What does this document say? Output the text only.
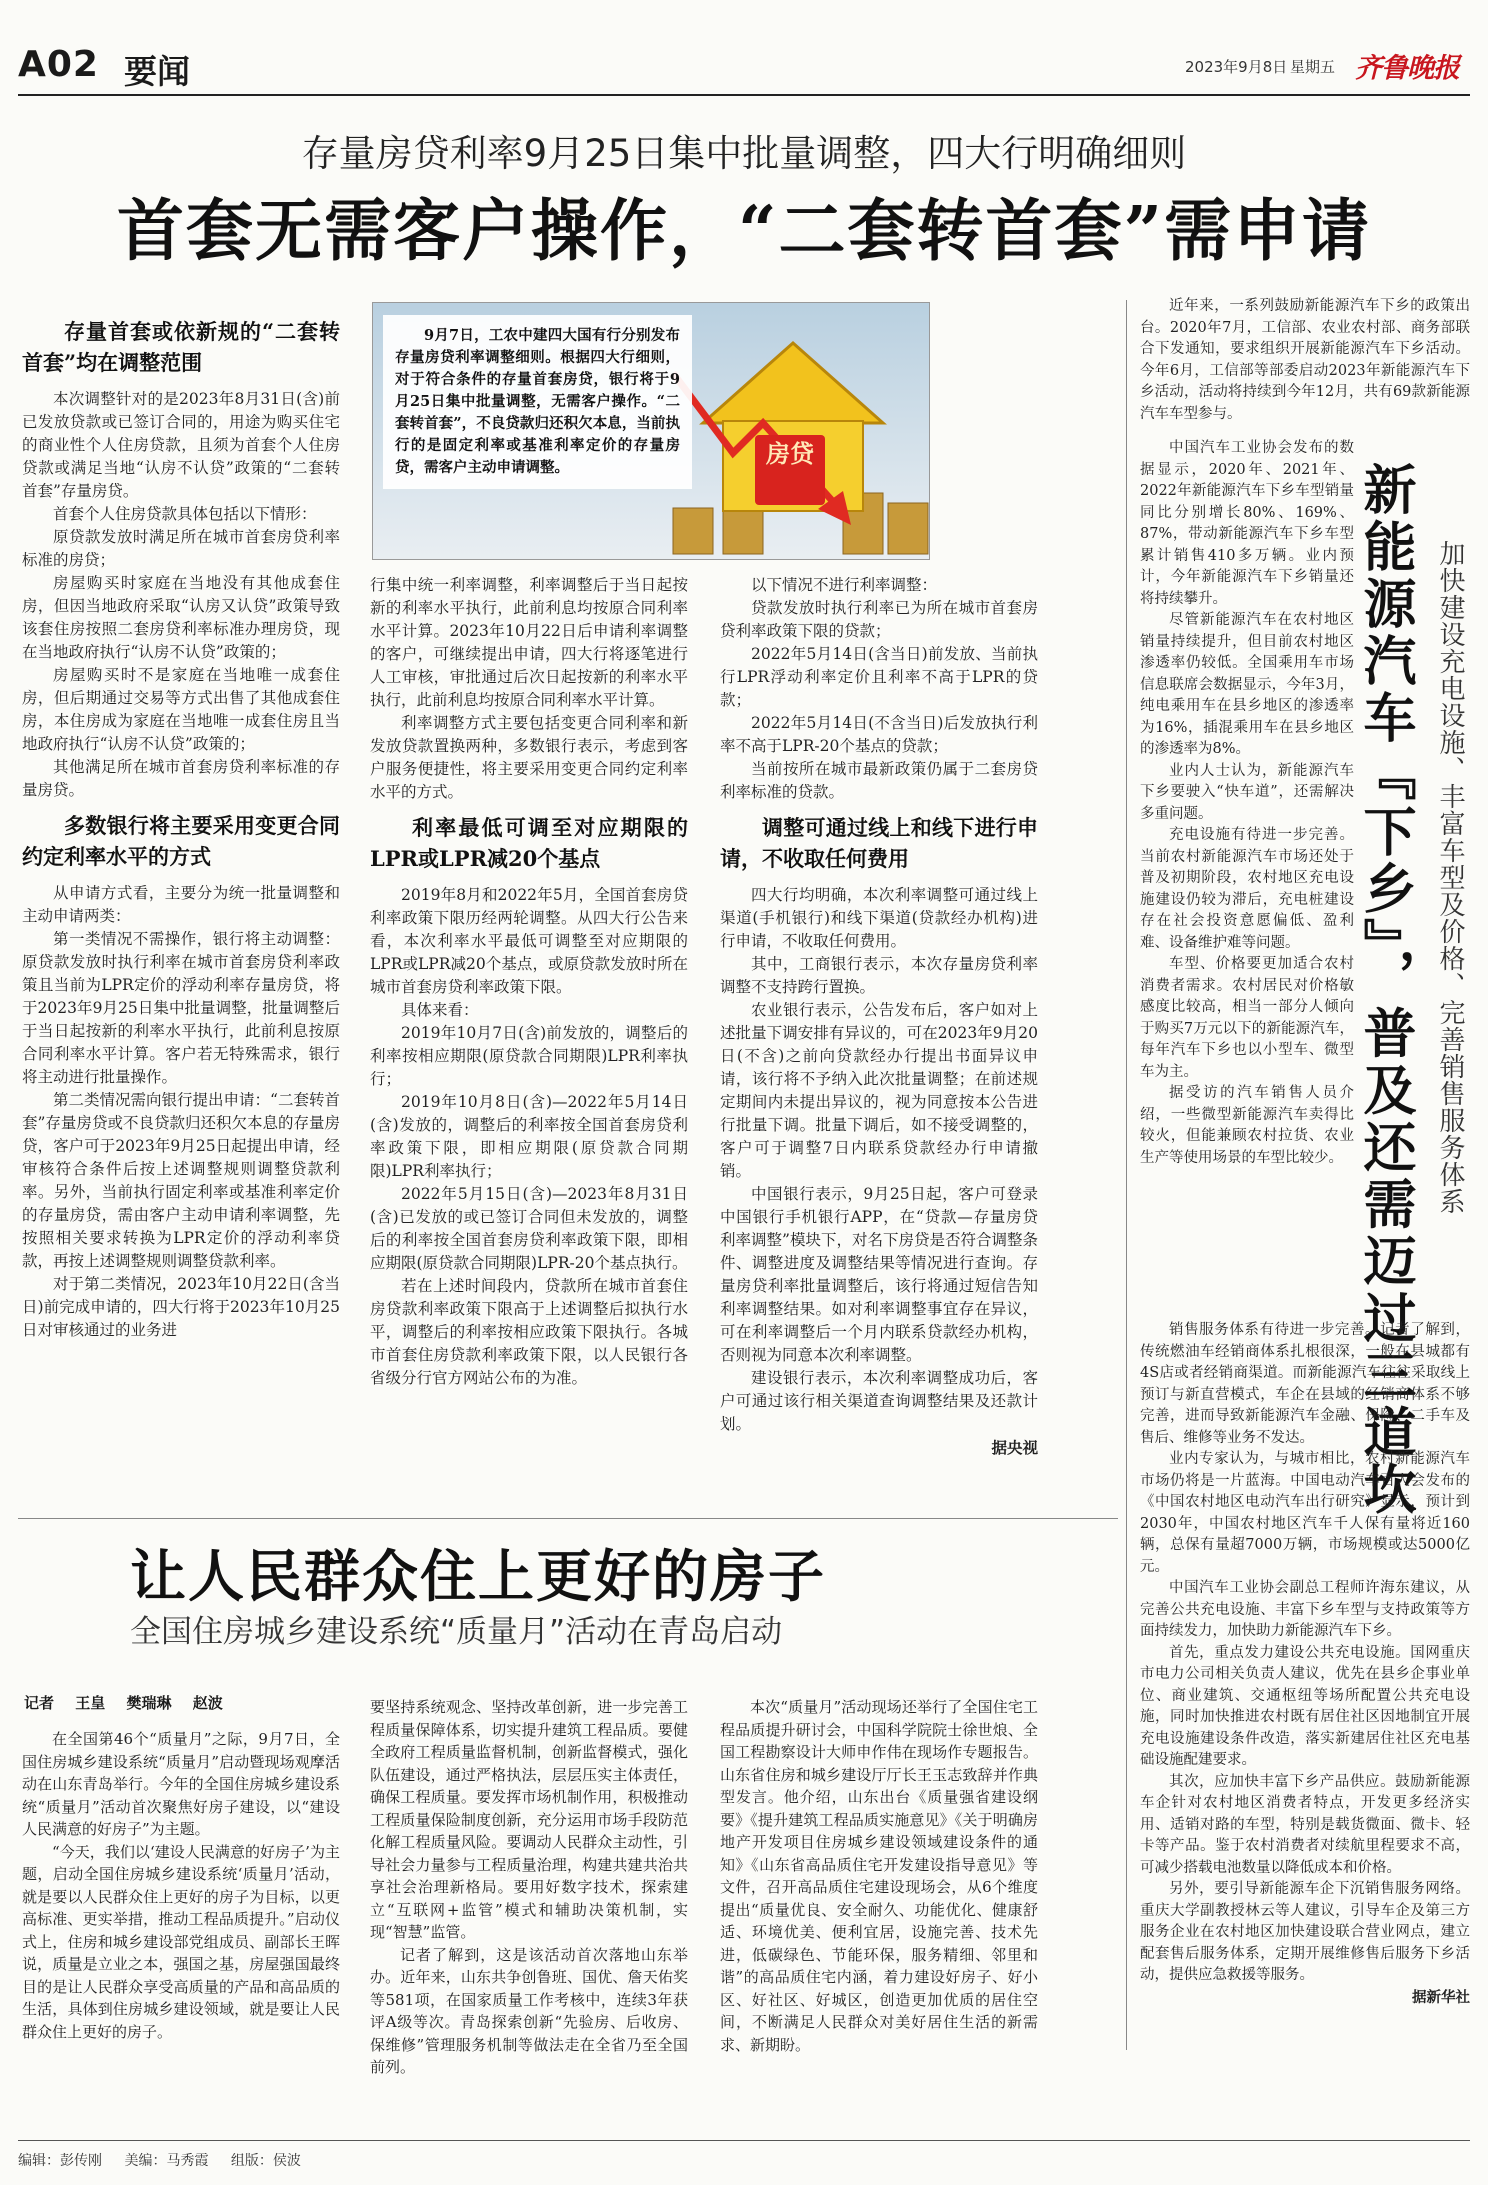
A02 要闻	2023年9月8日 星期五 齐鲁晚报
存量房贷利率9月25日集中批量调整，四大行明确细则
首套无需客户操作，“二套转首套”需申请
9月7日，工农中建四大国有行分别发布存量房贷利率调整细则。根据四大行细则，对于符合条件的存量首套房贷，银行将于9月25日集中批量调整，无需客户操作。“二套转首套”，不良贷款归还积欠本息，当前执行的是固定利率或基准利率定价的存量房贷，需客户主动申请调整。	房贷
存量首套或依新规的“二套转首套”均在调整范围

本次调整针对的是2023年8月31日(含)前已发放贷款或已签订合同的，用途为购买住宅的商业性个人住房贷款，且须为首套个人住房贷款或满足当地“认房不认贷”政策的“二套转首套”存量房贷。

首套个人住房贷款具体包括以下情形：

原贷款发放时满足所在城市首套房贷利率标准的房贷；

房屋购买时家庭在当地没有其他成套住房，但因当地政府采取“认房又认贷”政策导致该套住房按照二套房贷利率标准办理房贷，现在当地政府执行“认房不认贷”政策的；

房屋购买时不是家庭在当地唯一成套住房，但后期通过交易等方式出售了其他成套住房，本住房成为家庭在当地唯一成套住房且当地政府执行“认房不认贷”政策的；

其他满足所在城市首套房贷利率标准的存量房贷。

多数银行将主要采用变更合同约定利率水平的方式

从申请方式看，主要分为统一批量调整和主动申请两类：

第一类情况不需操作，银行将主动调整：原贷款发放时执行利率在城市首套房贷利率政策且当前为LPR定价的浮动利率存量房贷，将于2023年9月25日集中批量调整，批量调整后于当日起按新的利率水平执行，此前利息按原合同利率水平计算。客户若无特殊需求，银行将主动进行批量操作。

第二类情况需向银行提出申请：“二套转首套”存量房贷或不良贷款归还积欠本息的存量房贷，客户可于2023年9月25日起提出申请，经审核符合条件后按上述调整规则调整贷款利率。另外，当前执行固定利率或基准利率定价的存量房贷，需由客户主动申请利率调整，先按照相关要求转换为LPR定价的浮动利率贷款，再按上述调整规则调整贷款利率。

对于第二类情况，2023年10月22日(含当日)前完成申请的，四大行将于2023年10月25日对审核通过的业务进

行集中统一利率调整，利率调整后于当日起按新的利率水平执行，此前利息均按原合同利率水平计算。2023年10月22日后申请利率调整的客户，可继续提出申请，四大行将逐笔进行人工审核，审批通过后次日起按新的利率水平执行，此前利息均按原合同利率水平计算。

利率调整方式主要包括变更合同利率和新发放贷款置换两种，多数银行表示，考虑到客户服务便捷性，将主要采用变更合同约定利率水平的方式。

利率最低可调至对应期限的LPR或LPR减20个基点

2019年8月和2022年5月，全国首套房贷利率政策下限历经两轮调整。从四大行公告来看，本次利率水平最低可调整至对应期限的LPR或LPR减20个基点，或原贷款发放时所在城市首套房贷利率政策下限。

具体来看：

2019年10月7日(含)前发放的，调整后的利率按相应期限(原贷款合同期限)LPR利率执行；

2019年10月8日(含)—2022年5月14日(含)发放的，调整后的利率按全国首套房贷利率政策下限，即相应期限(原贷款合同期限)LPR利率执行；

2022年5月15日(含)—2023年8月31日(含)已发放的或已签订合同但未发放的，调整后的利率按全国首套房贷利率政策下限，即相应期限(原贷款合同期限)LPR-20个基点执行。

若在上述时间段内，贷款所在城市首套住房贷款利率政策下限高于上述调整后拟执行水平，调整后的利率按相应政策下限执行。各城市首套住房贷款利率政策下限，以人民银行各省级分行官方网站公布的为准。

以下情况不进行利率调整：

贷款发放时执行利率已为所在城市首套房贷利率政策下限的贷款；

2022年5月14日(含当日)前发放、当前执行LPR浮动利率定价且利率不高于LPR的贷款；

2022年5月14日(不含当日)后发放执行利率不高于LPR-20个基点的贷款；

当前按所在城市最新政策仍属于二套房贷利率标准的贷款。

调整可通过线上和线下进行申请，不收取任何费用

四大行均明确，本次利率调整可通过线上渠道(手机银行)和线下渠道(贷款经办机构)进行申请，不收取任何费用。

其中，工商银行表示，本次存量房贷利率调整不支持跨行置换。

农业银行表示，公告发布后，客户如对上述批量下调安排有异议的，可在2023年9月20日(不含)之前向贷款经办行提出书面异议申请，该行将不予纳入此次批量调整；在前述规定期间内未提出异议的，视为同意按本公告进行批量下调。批量下调后，如不接受调整的，客户可于调整7日内联系贷款经办行申请撤销。

中国银行表示，9月25日起，客户可登录中国银行手机银行APP，在“贷款—存量房贷利率调整”模块下，对名下房贷是否符合调整条件、调整进度及调整结果等情况进行查询。存量房贷利率批量调整后，该行将通过短信告知利率调整结果。如对利率调整事宜存在异议，可在利率调整后一个月内联系贷款经办机构，否则视为同意本次利率调整。

建设银行表示，本次利率调整成功后，客户可通过该行相关渠道查询调整结果及还款计划。

据央视	新能源汽车『下乡』，普及还需迈过三道坎 加快建设充电设施、丰富车型及价格、完善销售服务体系

近年来，一系列鼓励新能源汽车下乡的政策出台。2020年7月，工信部、农业农村部、商务部联合下发通知，要求组织开展新能源汽车下乡活动。今年6月，工信部等部委启动2023年新能源汽车下乡活动，活动将持续到今年12月，共有69款新能源汽车车型参与。

中国汽车工业协会发布的数据显示，2020年、2021年、2022年新能源汽车下乡车型销量同比分别增长80%、169%、87%，带动新能源汽车下乡车型累计销售410多万辆。业内预计，今年新能源汽车下乡销量还将持续攀升。

尽管新能源汽车在农村地区销量持续提升，但目前农村地区渗透率仍较低。全国乘用车市场信息联席会数据显示，今年3月，纯电乘用车在县乡地区的渗透率为16%，插混乘用车在县乡地区的渗透率为8%。

业内人士认为，新能源汽车下乡要驶入“快车道”，还需解决多重问题。

充电设施有待进一步完善。当前农村新能源汽车市场还处于普及初期阶段，农村地区充电设施建设仍较为滞后，充电桩建设存在社会投资意愿偏低、盈利难、设备维护难等问题。

车型、价格要更加适合农村消费者需求。农村居民对价格敏感度比较高，相当一部分人倾向于购买7万元以下的新能源汽车，每年汽车下乡也以小型车、微型车为主。

据受访的汽车销售人员介绍，一些微型新能源汽车卖得比较火，但能兼顾农村拉货、农业生产等使用场景的车型比较少。

销售服务体系有待进一步完善。记者了解到，传统燃油车经销商体系扎根很深，一般在县城都有4S店或者经销商渠道。而新能源汽车往往采取线上预订与新直营模式，车企在县域的经销商体系不够完善，进而导致新能源汽车金融、保险、二手车及售后、维修等业务不发达。

业内专家认为，与城市相比，农村新能源汽车市场仍将是一片蓝海。中国电动汽车百人会发布的《中国农村地区电动汽车出行研究》显示，预计到2030年，中国农村地区汽车千人保有量将近160辆，总保有量超7000万辆，市场规模或达5000亿元。

中国汽车工业协会副总工程师许海东建议，从完善公共充电设施、丰富下乡车型与支持政策等方面持续发力，加快助力新能源汽车下乡。

首先，重点发力建设公共充电设施。国网重庆市电力公司相关负责人建议，优先在县乡企事业单位、商业建筑、交通枢纽等场所配置公共充电设施，同时加快推进农村既有居住社区因地制宜开展充电设施建设条件改造，落实新建居住社区充电基础设施配建要求。

其次，应加快丰富下乡产品供应。鼓励新能源车企针对农村地区消费者特点，开发更多经济实用、适销对路的车型，特别是载货微面、微卡、轻卡等产品。鉴于农村消费者对续航里程要求不高，可减少搭载电池数量以降低成本和价格。

另外，要引导新能源车企下沉销售服务网络。重庆大学副教授林云等人建议，引导车企及第三方服务企业在农村地区加快建设联合营业网点，建立配套售后服务体系，定期开展维修售后服务下乡活动，提供应急救援等服务。

据新华社

让人民群众住上更好的房子
全国住房城乡建设系统“质量月”活动在青岛启动
记者 王皇 樊瑞琳 赵波

在全国第46个“质量月”之际，9月7日，全国住房城乡建设系统“质量月”启动暨现场观摩活动在山东青岛举行。今年的全国住房城乡建设系统“质量月”活动首次聚焦好房子建设，以“建设人民满意的好房子”为主题。

“今天，我们以‘建设人民满意的好房子’为主题，启动全国住房城乡建设系统‘质量月’活动，就是要以人民群众住上更好的房子为目标，以更高标准、更实举措，推动工程品质提升。”启动仪式上，住房和城乡建设部党组成员、副部长王晖说，质量是立业之本，强国之基，房屋强国最终目的是让人民群众享受高质量的产品和高品质的生活，具体到住房城乡建设领域，就是要让人民群众住上更好的房子。

要坚持系统观念、坚持改革创新，进一步完善工程质量保障体系，切实提升建筑工程品质。要健全政府工程质量监督机制，创新监督模式，强化队伍建设，通过严格执法，层层压实主体责任，确保工程质量。要发挥市场机制作用，积极推动工程质量保险制度创新，充分运用市场手段防范化解工程质量风险。要调动人民群众主动性，引导社会力量参与工程质量治理，构建共建共治共享社会治理新格局。要用好数字技术，探索建立“互联网+监管”模式和辅助决策机制，实现“智慧”监管。

记者了解到，这是该活动首次落地山东举办。近年来，山东共争创鲁班、国优、詹天佑奖等581项，在国家质量工作考核中，连续3年获评A级等次。青岛探索创新“先验房、后收房、保维修”管理服务机制等做法走在全省乃至全国前列。

本次“质量月”活动现场还举行了全国住宅工程品质提升研讨会，中国科学院院士徐世烺、全国工程勘察设计大师申作伟在现场作专题报告。山东省住房和城乡建设厅厅长王玉志致辞并作典型发言。他介绍，山东出台《质量强省建设纲要》《提升建筑工程品质实施意见》《关于明确房地产开发项目住房城乡建设领域建设条件的通知》《山东省高品质住宅开发建设指导意见》等文件，召开高品质住宅建设现场会，从6个维度提出“质量优良、安全耐久、功能优化、健康舒适、环境优美、便利宜居，设施完善、技术先进，低碳绿色、节能环保，服务精细、邻里和谐”的高品质住宅内涵，着力建设好房子、好小区、好社区、好城区，创造更加优质的居住空间，不断满足人民群众对美好居住生活的新需求、新期盼。

编辑：彭传刚 美编：马秀霞 组版：侯波
